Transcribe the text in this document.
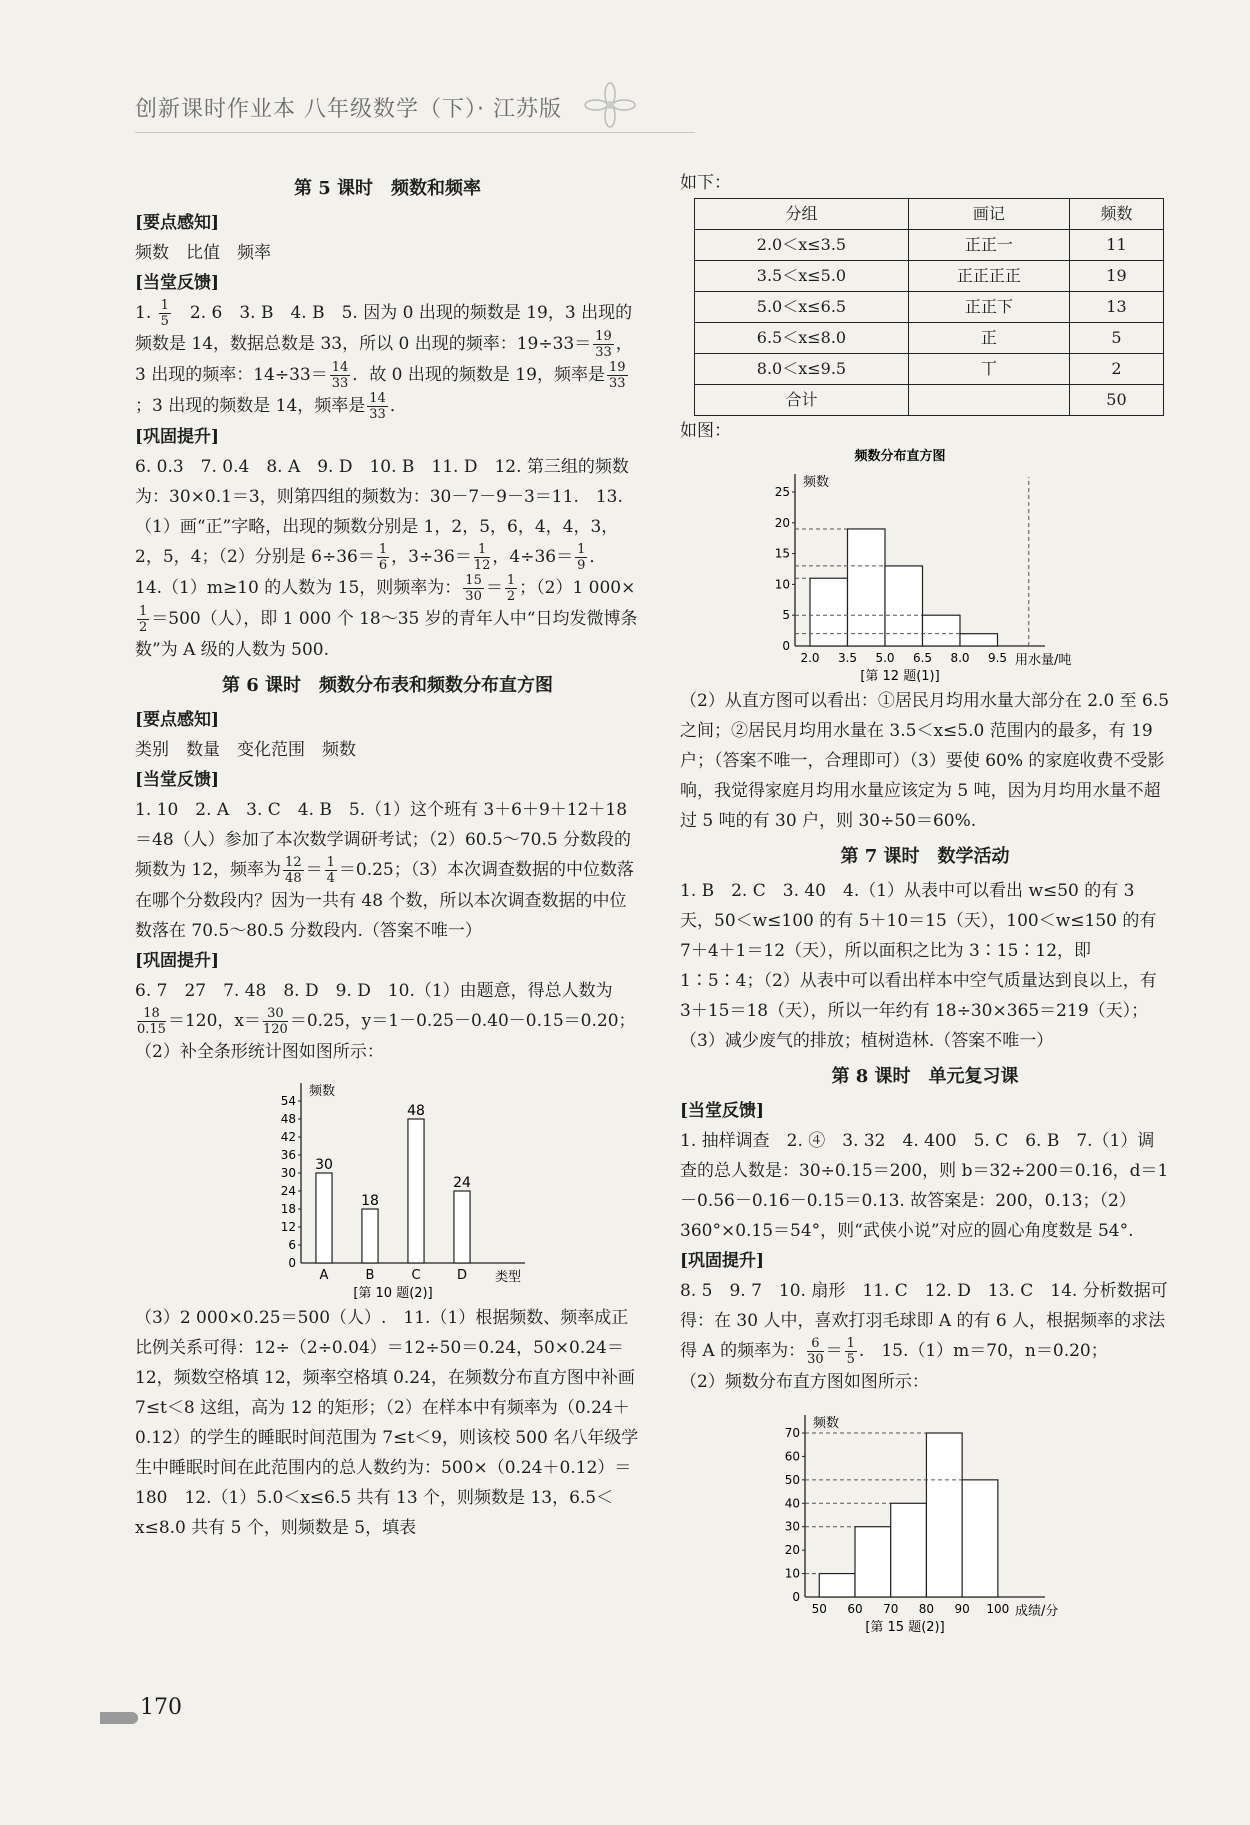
创新课时作业本 八年级数学（下）· 江苏版

第 5 课时　频数和频率

[要点感知]

频数　比值　频率

[当堂反馈]

1. $\frac{1}{5}$ 　2. 6　3. B　4. B　5. 因为 0 出现的频数是 19，3 出现的频数是 14，数据总数是 33，所以 0 出现的频率：$19\div 33= \frac{19}{33}$ ，3 出现的频率：$14\div 33= \frac{14}{33}$ ．故 0 出现的频数是 19，频率是 $\frac{19}{33}$
；3 出现的频数是 14，频率是 $\frac{14}{33}$ ．

[巩固提升]

6. 0.3　7. 0.4　8. A　9. D　10. B　11. D　12. 第三组的频数为：30×0.1＝3，则第四组的频数为：30－7－9－3＝11.　13.（1）画“正”字略，出现的频数分别是 1，2，5，6，4，4，3，2，5，4；（2）分别是 $6\div 36= \frac{1}{6}$ ，$3\div 36= \frac{1}{12}$ ，$4\div 36= \frac{1}{9}$ ．

14.（1）m≥10 的人数为 15，则频率为： $\frac{15}{30} = \frac{1}{2}$ ；（2）1 000×
$\frac{1}{2} =500$（人），即 1 000 个 18～35 岁的青年人中“日均发微博条数”为 A 级的人数为 500.

第 6 课时　频数分布表和频数分布直方图

[要点感知]

类别　数量　变化范围　频数

[当堂反馈]

1. 10　2. A　3. C　4. B　5.（1）这个班有 3＋6＋9＋12＋18＝48（人）参加了本次数学调研考试；（2）60.5～70.5 分数段的频数为 12，频率为 $\frac{12}{48} = \frac{1}{4} =0.25$；（3）本次调查数据的中位数落在哪个分数段内？因为一共有 48 个数，所以本次调查数据的中位数落在 70.5～80.5 分数段内.（答案不唯一）

[巩固提升]

6. 7　27　7. 48　8. D　9. D　10.（1）由题意，得总人数为
$\frac{18}{0.15} =120$，$x= \frac{30}{120} =0.25$，y＝1－0.25－0.40－0.15＝0.20；

（2）补全条形统计图如图所示：

频数
类型
0
6
12
18
24
30
36
42
48
54
30
A
18
B
48
C
24
D
[第 10 题(2)]

（3）2 000×0.25＝500（人）.　11.（1）根据频数、频率成正比例关系可得：12÷（2÷0.04）＝12÷50＝0.24，50×0.24＝12，频数空格填 12，频率空格填 0.24，在频数分布直方图中补画 7≤t＜8 这组，高为 12 的矩形；（2）在样本中有频率为（0.24＋0.12）的学生的睡眠时间范围为 7≤t＜9，则该校 500 名八年级学生中睡眠时间在此范围内的总人数约为：500×（0.24＋0.12）＝180　12.（1）5.0＜x≤6.5 共有 13 个，则频数是 13，6.5＜x≤8.0 共有 5 个，则频数是 5，填表

如下：

分组	画记	频数
2.0＜x≤3.5	正正一	11
3.5＜x≤5.0	正正正正	19
5.0＜x≤6.5	正正下	13
6.5＜x≤8.0	正	5
8.0＜x≤9.5	丅	2
合计		50

如图：

频数分布直方图
频数
用水量/吨
0
5
10
15
20
25
2.0 3.5 5.0 6.5 8.0 9.5
[第 12 题(1)]

（2）从直方图可以看出：①居民月均用水量大部分在 2.0 至 6.5 之间；②居民月均用水量在 3.5＜x≤5.0 范围内的最多，有 19 户；（答案不唯一，合理即可）（3）要使 60% 的家庭收费不受影响，我觉得家庭月均用水量应该定为 5 吨，因为月均用水量不超过 5 吨的有 30 户，则 30÷50＝60%.

第 7 课时　数学活动

1. B　2. C　3. 40　4.（1）从表中可以看出 w≤50 的有 3 天，50＜w≤100 的有 5＋10＝15（天），100＜w≤150 的有 7＋4＋1＝12（天），所以面积之比为 3∶15∶12，即 1∶5∶4；（2）从表中可以看出样本中空气质量达到良以上，有 3＋15＝18（天），所以一年约有 18÷30×365＝219（天）；（3）减少废气的排放；植树造林.（答案不唯一）

第 8 课时　单元复习课

[当堂反馈]

1. 抽样调查　2. ④　3. 32　4. 400　5. C　6. B　7.（1）调查的总人数是：30÷0.15＝200，则 b＝32÷200＝0.16，d＝1－0.56－0.16－0.15＝0.13. 故答案是：200，0.13；（2）360°×0.15＝54°，则“武侠小说”对应的圆心角度数是 54°.

[巩固提升]

8. 5　9. 7　10. 扇形　11. C　12. D　13. C　14. 分析数据可得：在 30 人中，喜欢打羽毛球即 A 的有 6 人，根据频率的求法得 A 的频率为： $\frac{6}{30} = \frac{1}{5}$ .　15.（1）m＝70，n＝0.20；

（2）频数分布直方图如图所示：

频数
成绩/分
0
10
20
30
40
50
60
70
50 60 70 80 90 100
[第 15 题(2)]
170
